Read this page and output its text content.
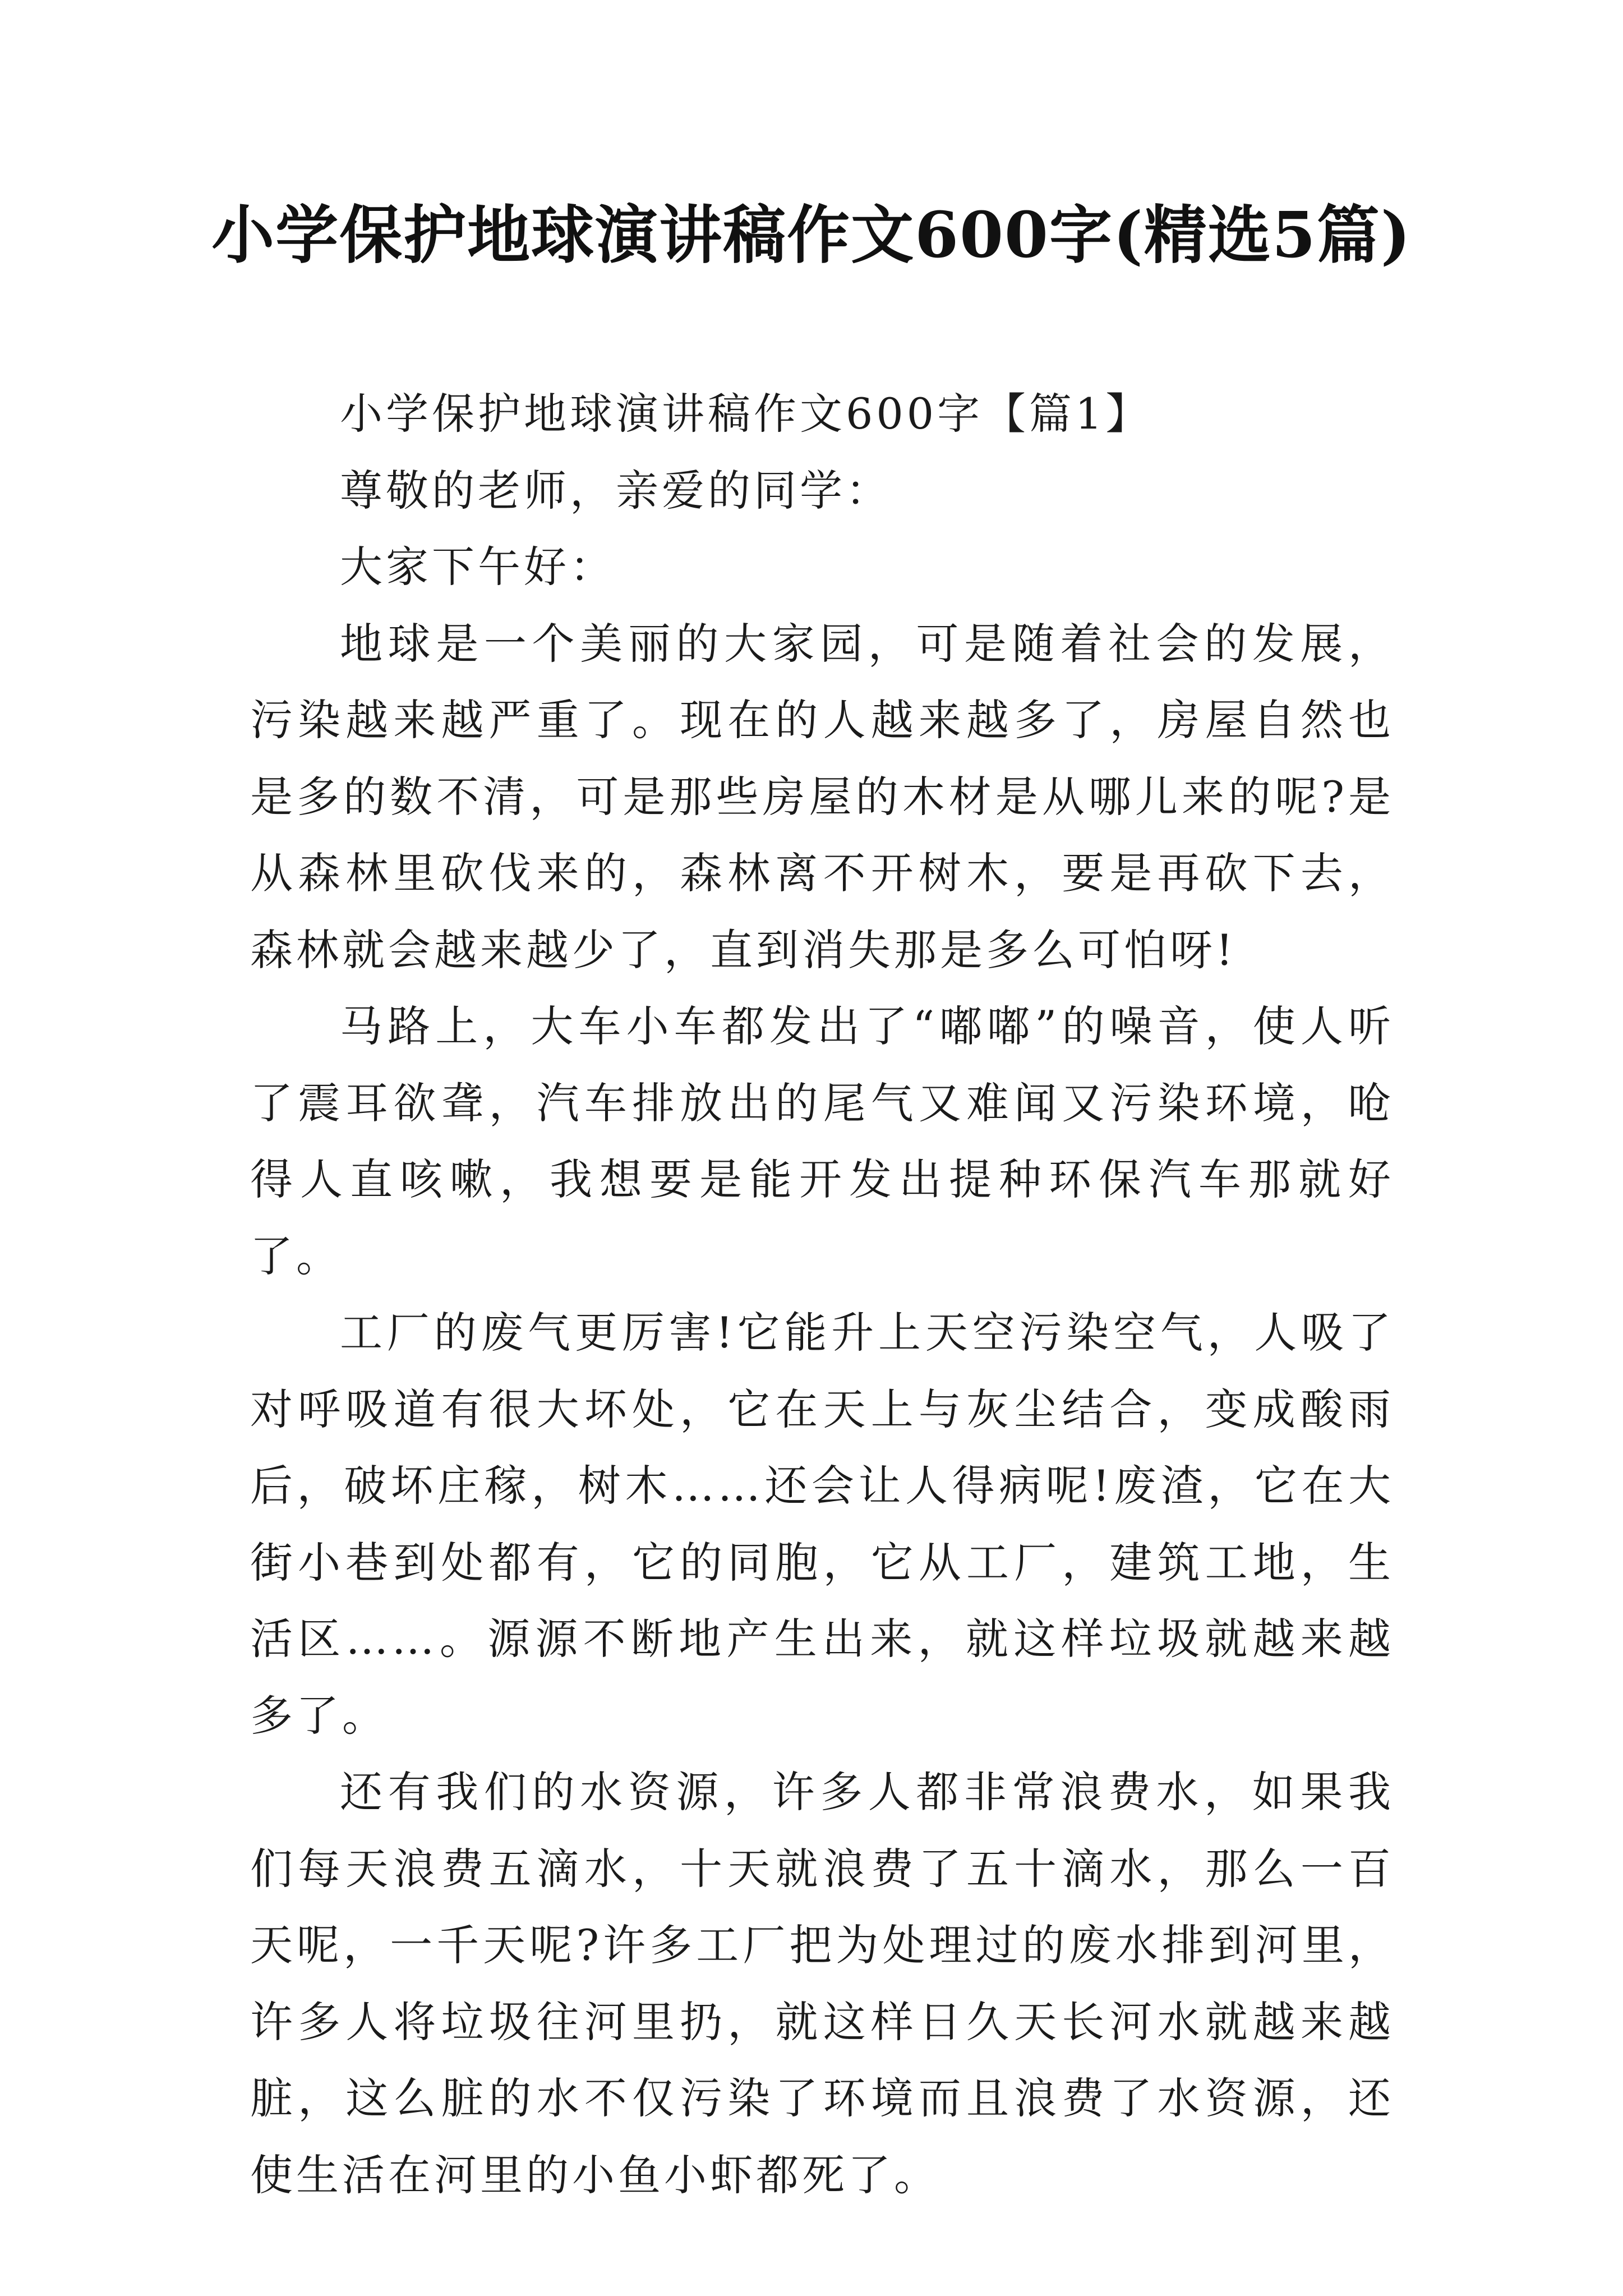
小学保护地球演讲稿作文600字(精选5篇)

小学保护地球演讲稿作文600字【篇1】

尊敬的老师，亲爱的同学：

大家下午好：

地球是一个美丽的大家园，可是随着社会的发展，污染越来越严重了。现在的人越来越多了，房屋自然也是多的数不清，可是那些房屋的木材是从哪儿来的呢?是从森林里砍伐来的，森林离不开树木，要是再砍下去，森林就会越来越少了，直到消失那是多么可怕呀!

马路上，大车小车都发出了“嘟嘟”的噪音，使人听了震耳欲聋，汽车排放出的尾气又难闻又污染环境，呛得人直咳嗽，我想要是能开发出提种环保汽车那就好了。

工厂的废气更厉害!它能升上天空污染空气，人吸了对呼吸道有很大坏处，它在天上与灰尘结合，变成酸雨后，破坏庄稼，树木……还会让人得病呢!废渣，它在大街小巷到处都有，它的同胞，它从工厂，建筑工地，生活区……。源源不断地产生出来，就这样垃圾就越来越多了。

还有我们的水资源，许多人都非常浪费水，如果我们每天浪费五滴水，十天就浪费了五十滴水，那么一百天呢，一千天呢?许多工厂把为处理过的废水排到河里，许多人将垃圾往河里扔，就这样日久天长河水就越来越脏，这么脏的水不仅污染了环境而且浪费了水资源，还使生活在河里的小鱼小虾都死了。
